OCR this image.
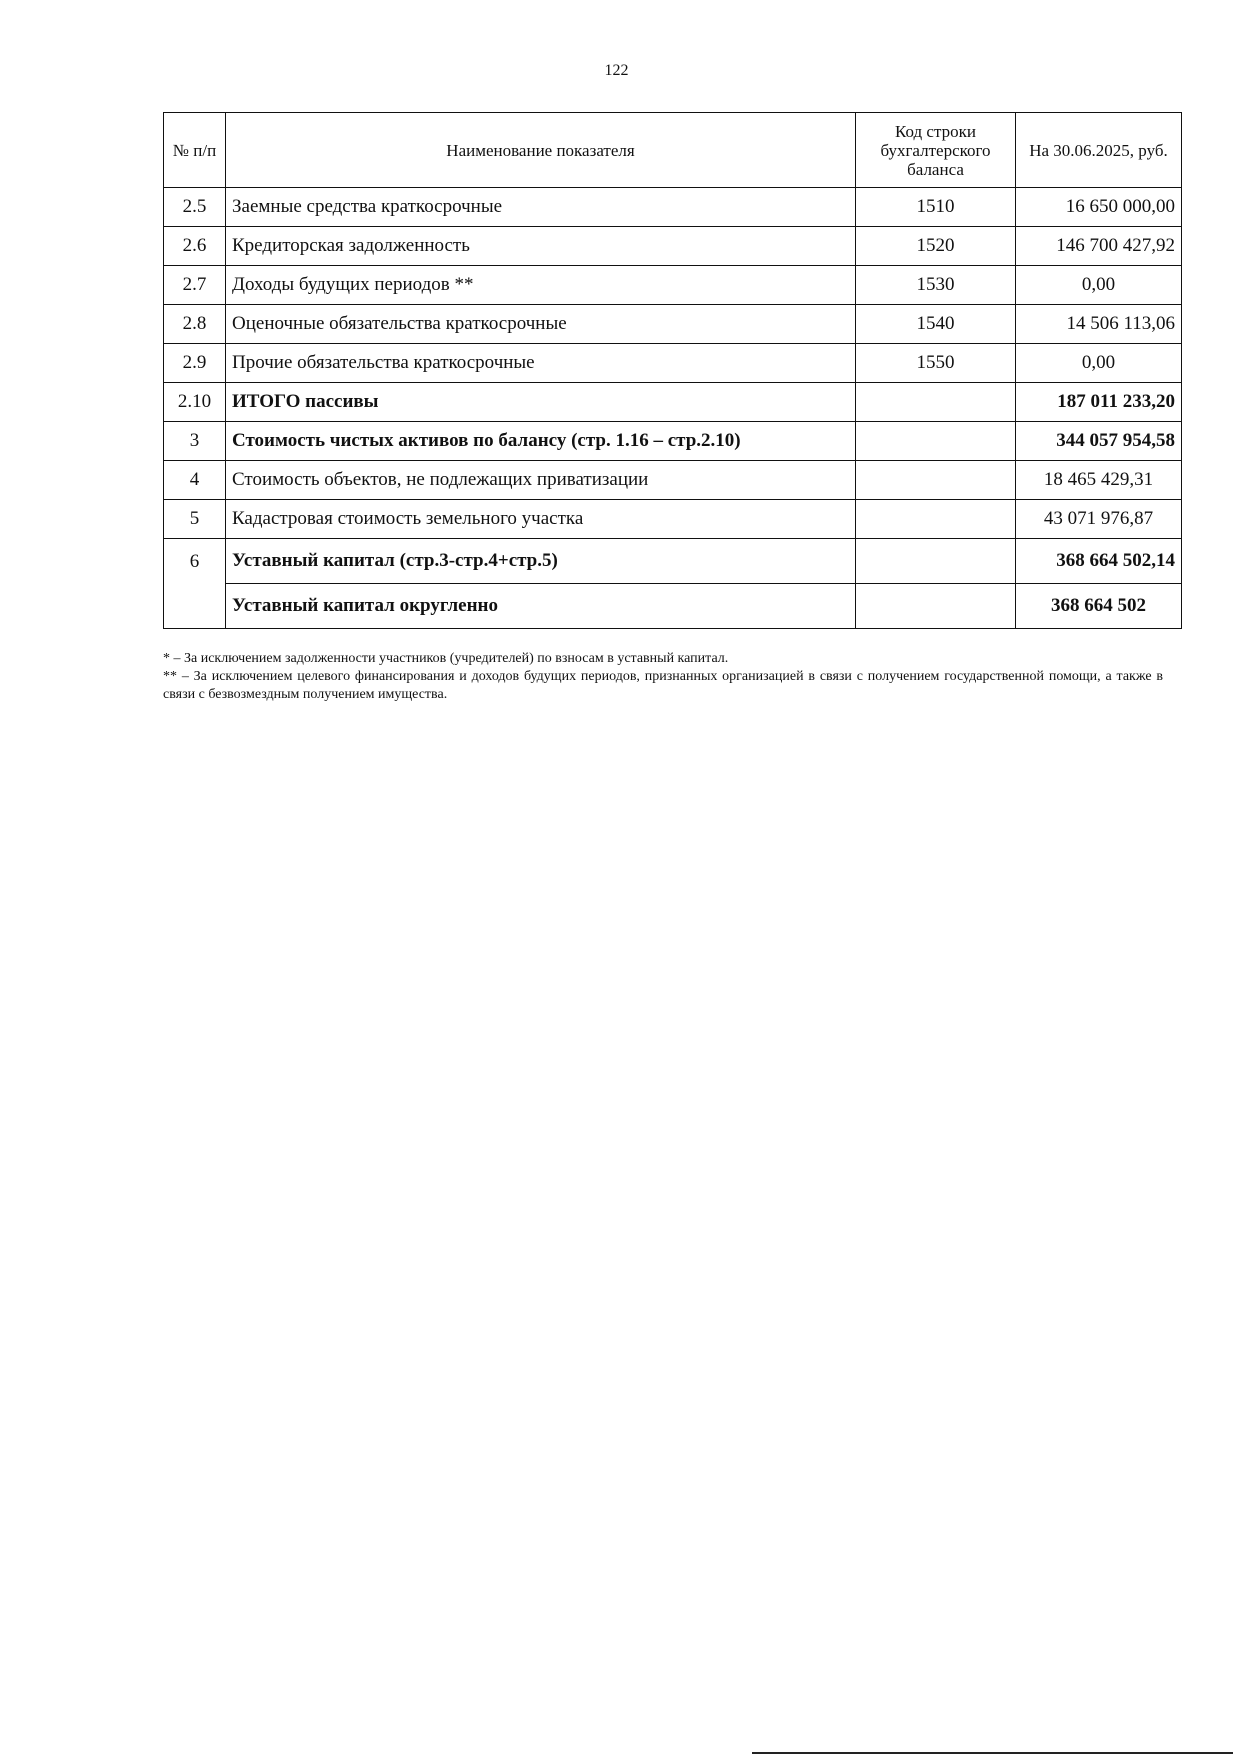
122
№ п/п	Наименование показателя	Код строки бухгалтерского баланса	На 30.06.2025, руб.
2.5	Заемные средства краткосрочные	1510	16 650 000,00
2.6	Кредиторская задолженность	1520	146 700 427,92
2.7	Доходы будущих периодов **	1530	0,00
2.8	Оценочные обязательства краткосрочные	1540	14 506 113,06
2.9	Прочие обязательства краткосрочные	1550	0,00
2.10	ИТОГО пассивы		187 011 233,20
3	Стоимость чистых активов по балансу (стр. 1.16 – стр.2.10)		344 057 954,58
4	Стоимость объектов, не подлежащих приватизации		18 465 429,31
5	Кадастровая стоимость земельного участка		43 071 976,87
6	Уставный капитал (стр.3-стр.4+стр.5)		368 664 502,14
	Уставный капитал округленно		368 664 502

* – За исключением задолженности участников (учредителей) по взносам в уставный капитал.

** – За исключением целевого финансирования и доходов будущих периодов, признанных организацией в связи с получением государственной помощи, а также в связи с безвозмездным получением имущества.
